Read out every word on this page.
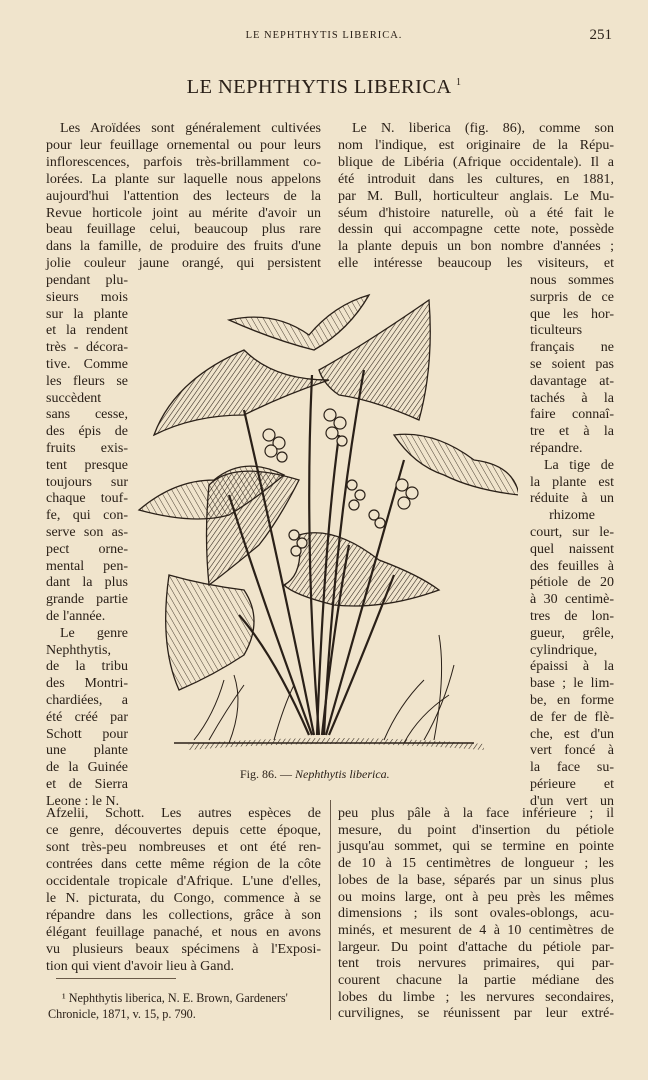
LE NEPHTHYTIS LIBERICA.	251
LE NEPHTHYTIS LIBERICA $^1$
Les Aroïdées sont généralement cultivées
pour leur feuillage ornemental ou pour leurs
inflorescences, parfois très-brillamment co-
lorées. La plante sur laquelle nous appelons
aujourd'hui l'attention des lecteurs de la
Revue horticole joint au mérite d'avoir un
beau feuillage celui, beaucoup plus rare
dans la famille, de produire des fruits d'une
jolie couleur jaune orangé, qui persistent
Le N. liberica (fig. 86), comme son
nom l'indique, est originaire de la Répu-
blique de Libéria (Afrique occidentale). Il a
été introduit dans les cultures, en 1881,
par M. Bull, horticulteur anglais. Le Mu-
séum d'histoire naturelle, où a été fait le
dessin qui accompagne cette note, possède
la plante depuis un bon nombre d'années ;
elle intéresse beaucoup les visiteurs, et
pendant plu-
sieurs mois
sur la plante
et la rendent
très - décora-
tive. Comme
les fleurs se
succèdent
sans cesse,
des épis de
fruits exis-
tent presque
toujours sur
chaque touf-
fe, qui con-
serve son as-
pect orne-
mental pen-
dant la plus
grande partie
de l'année.
Le genre
Nephthytis,
de la tribu
des Montri-
chardiées, a
été créé par
Schott pour
une plante
de la Guinée
et de Sierra
Leone : le N.
nous sommes
surpris de ce
que les hor-
ticulteurs
français ne
se soient pas
davantage at-
tachés à la
faire connaî-
tre et à la
répandre.
La tige de
la plante est
réduite à un
rhizome
court, sur le-
quel naissent
des feuilles à
pétiole de 20
à 30 centimè-
tres de lon-
gueur, grêle,
cylindrique,
épaissi à la
base ; le lim-
be, en forme
de fer de flè-
che, est d'un
vert foncé à
la face su-
périeure et
d'un vert un
Afzelii, Schott. Les autres espèces de
ce genre, découvertes depuis cette époque,
sont très-peu nombreuses et ont été ren-
contrées dans cette même région de la côte
occidentale tropicale d'Afrique. L'une d'elles,
le N. picturata, du Congo, commence à se
répandre dans les collections, grâce à son
élégant feuillage panaché, et nous en avons
vu plusieurs beaux spécimens à l'Exposi-
tion qui vient d'avoir lieu à Gand.
peu plus pâle à la face inférieure ; il
mesure, du point d'insertion du pétiole
jusqu'au sommet, qui se termine en pointe
de 10 à 15 centimètres de longueur ; les
lobes de la base, séparés par un sinus plus
ou moins large, ont à peu près les mêmes
dimensions ; ils sont ovales-oblongs, acu-
minés, et mesurent de 4 à 10 centimètres de
largeur. Du point d'attache du pétiole par-
tent trois nervures primaires, qui par-
courent chacune la partie médiane des
lobes du limbe ; les nervures secondaires,
curvilignes, se réunissent par leur extré-
Fig. 86. — Nephthytis liberica.
¹ Nephthytis liberica, N. E. Brown, Gardeners'
Chronicle, 1871, v. 15, p. 790.
